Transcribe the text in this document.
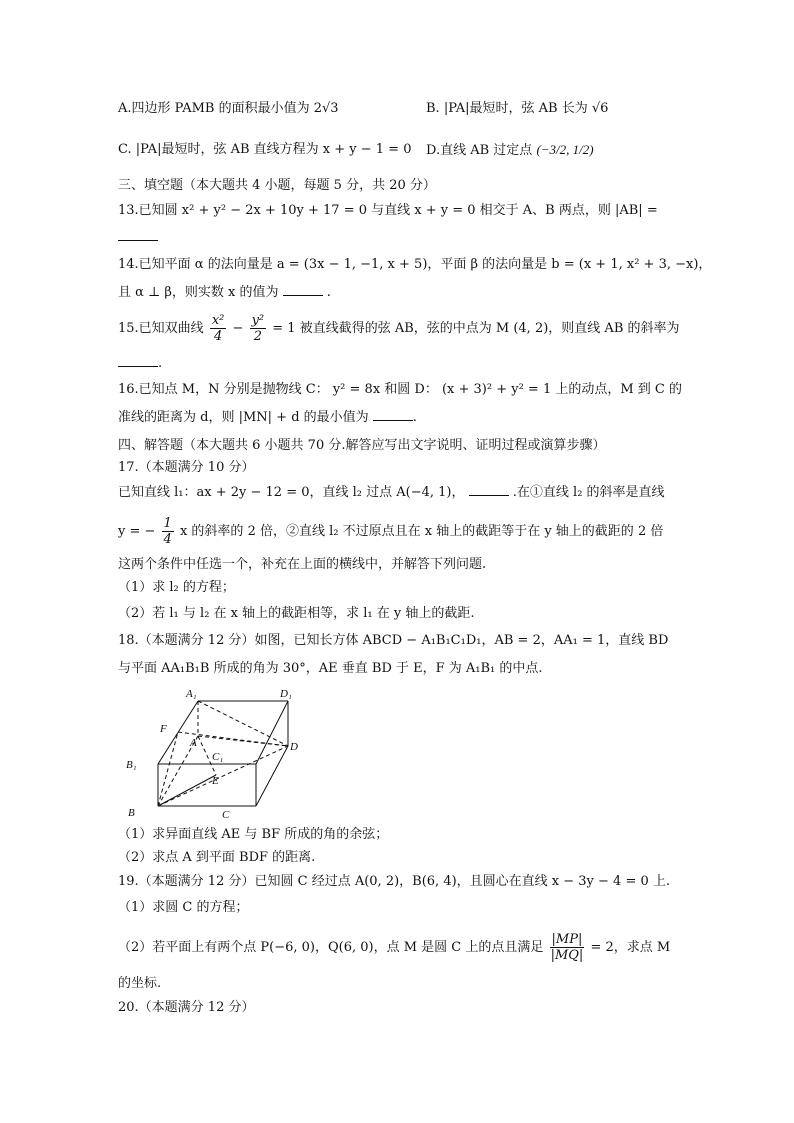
A.四边形 PAMB 的面积最小值为 2√3	B. |PA|最短时，弦 AB 长为 √6
C. |PA|最短时，弦 AB 直线方程为 x + y − 1 = 0 D.直线 AB 过定点 (−3/2, 1/2)
三、填空题（本大题共 4 小题，每题 5 分，共 20 分）
13.已知圆 x² + y² − 2x + 10y + 17 = 0 与直线 x + y = 0 相交于 A、B 两点，则 |AB| =
14.已知平面 α 的法向量是 a = (3x − 1, −1, x + 5)，平面 β 的法向量是 b = (x + 1, x² + 3, −x)，
且 α ⊥ β，则实数 x 的值为	.
15.已知双曲线 $\frac{\text{x²}}{4} - \frac{\text{y²}}{2} = 1$ 被直线截得的弦 AB，弦的中点为 M (4, 2)，则直线 AB 的斜率为
.
16.已知点 M，N 分别是抛物线 C： y² = 8x 和圆 D： (x + 3)² + y² = 1 上的动点，M 到 C 的
准线的距离为 d，则 |MN| + d 的最小值为	.
四、解答题（本大题共 6 小题共 70 分.解答应写出文字说明、证明过程或演算步骤）
17.（本题满分 10 分）
已知直线 l₁：ax + 2y − 12 = 0，直线 l₂ 过点 A(−4, 1)，	.在①直线 l₂ 的斜率是直线
y = − $\frac{1}{4}$ x 的斜率的 2 倍，②直线 l₂ 不过原点且在 x 轴上的截距等于在 y 轴上的截距的 2 倍
这两个条件中任选一个，补充在上面的横线中，并解答下列问题.
（1）求 l₂ 的方程；
（2）若 l₁ 与 l₂ 在 x 轴上的截距相等，求 l₁ 在 y 轴上的截距.
18.（本题满分 12 分）如图，已知长方体 ABCD − A₁B₁C₁D₁，AB = 2，AA₁ = 1，直线 BD
与平面 AA₁B₁B 所成的角为 30°，AE 垂直 BD 于 E，F 为 A₁B₁ 的中点.
A₁	D₁
F
A	D
B₁
C₁
E
B	C
（1）求异面直线 AE 与 BF 所成的角的余弦；
（2）求点 A 到平面 BDF 的距离.
19.（本题满分 12 分）已知圆 C 经过点 A(0, 2)，B(6, 4)，且圆心在直线 x − 3y − 4 = 0 上.
（1）求圆 C 的方程；
（2）若平面上有两个点 P(−6, 0)，Q(6, 0)，点 M 是圆 C 上的点且满足 $\frac{|MP|}{|MQ|} = 2$，求点 M
的坐标.
20.（本题满分 12 分）
